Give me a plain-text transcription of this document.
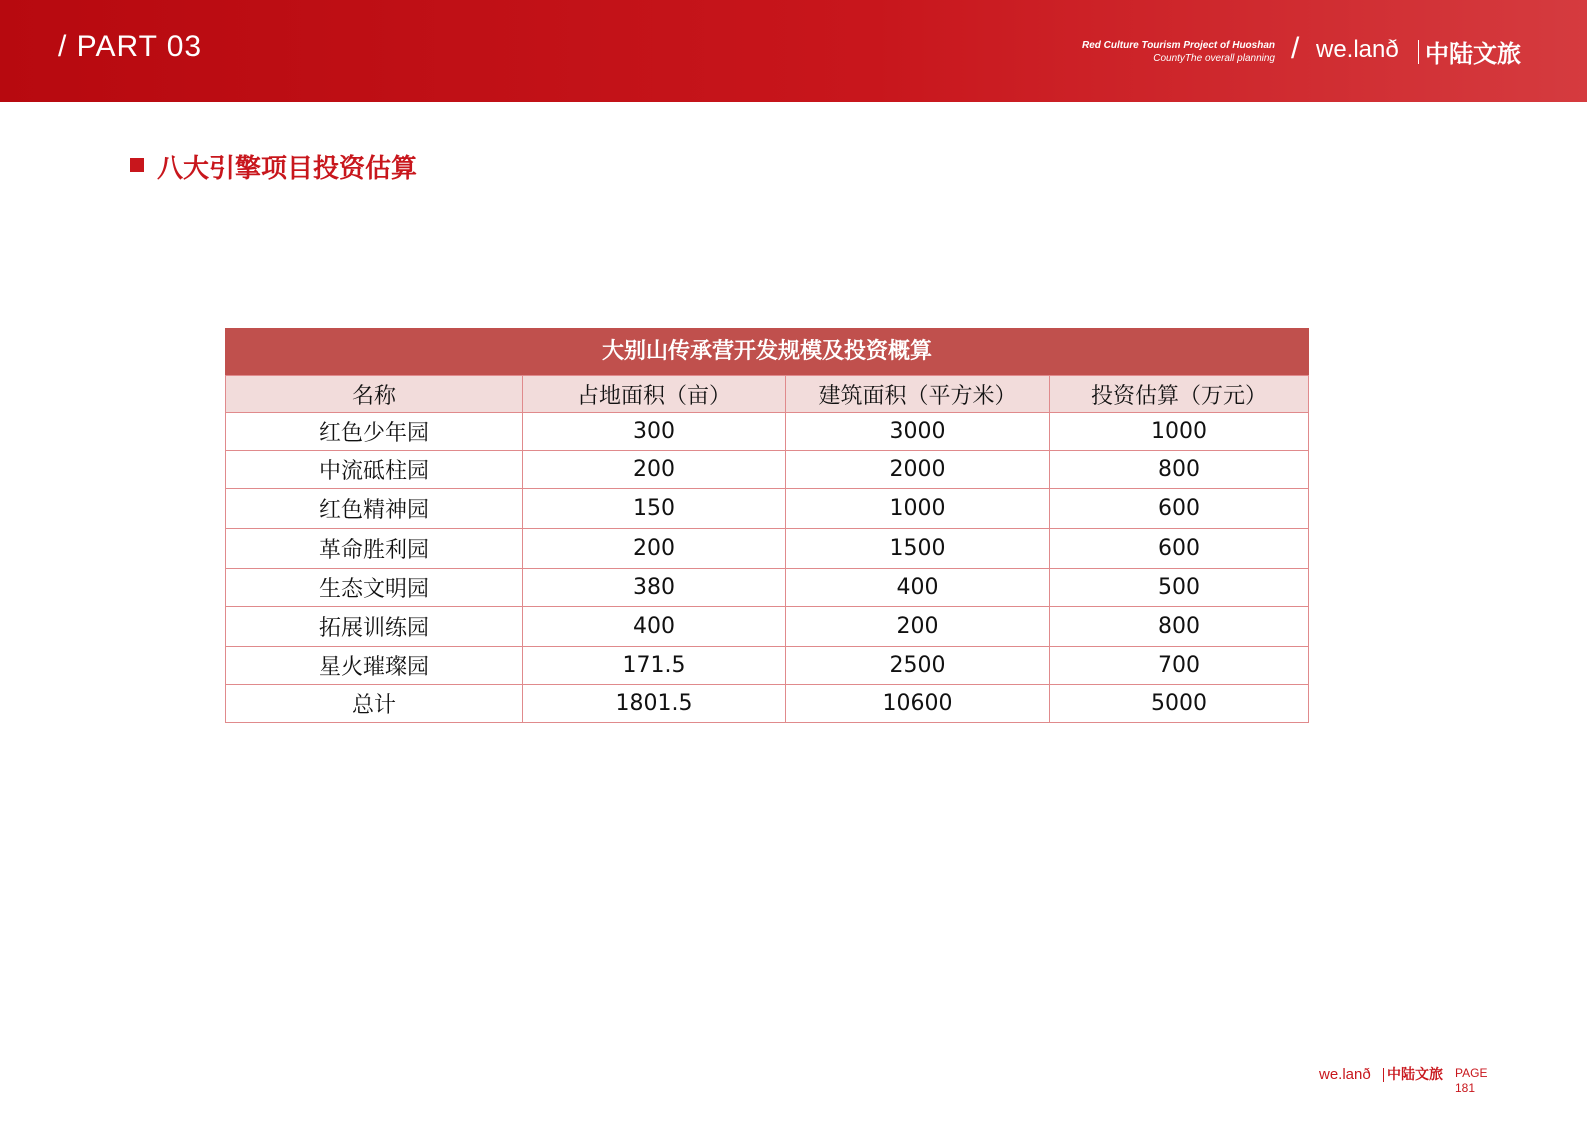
/ PART 03	Red Culture Tourism Project of Huoshan
CountyThe overall planning / we.lanð 中陆文旅
八大引擎项目投资估算
大别山传承营开发规模及投资概算
名称	占地面积（亩）	建筑面积（平方米）	投资估算（万元）
红色少年园	300	3000	1000
中流砥柱园	200	2000	800
红色精神园	150	1000	600
革命胜利园	200	1500	600
生态文明园	380	400	500
拓展训练园	400	200	800
星火璀璨园	171.5	2500	700
总计	1801.5	10600	5000
we.lanð 中陆文旅 PAGE
181
